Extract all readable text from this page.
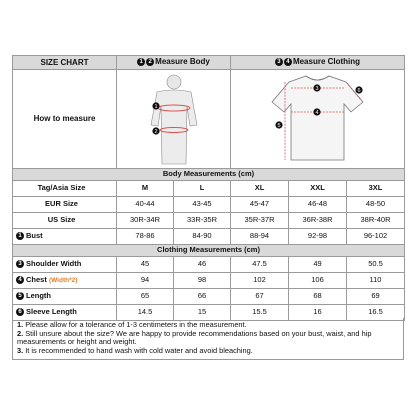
SIZE CHART	1 2 Measure Body		3 4 Measure Clothing		
How to measure	1
2		3
4
5
6		

Body Measurements (cm)					
Tag/Asia Size	M	L	XL	XXL	3XL
EUR Size	40-44	43-45	45-47	46-48	48-50
US Size	30R-34R	33R-35R	35R-37R	36R-38R	38R-40R
1 Bust	78-86	84-90	88-94	92-98	96-102
Clothing Measurements (cm)					
3 Shoulder Width	45	46	47.5	49	50.5
4 Chest (Width*2)	94	98	102	106	110
5 Length	65	66	67	68	69
6 Sleeve Length	14.5	15	15.5	16	16.5
1. Please allow for a tolerance of 1-3 centimeters in the measurement.
2. Still unsure about the size? We are happy to provide recommendations based on your bust, waist, and hip measurements or height and weight.
3. It is recommended to hand wash with cold water and avoid bleaching.
